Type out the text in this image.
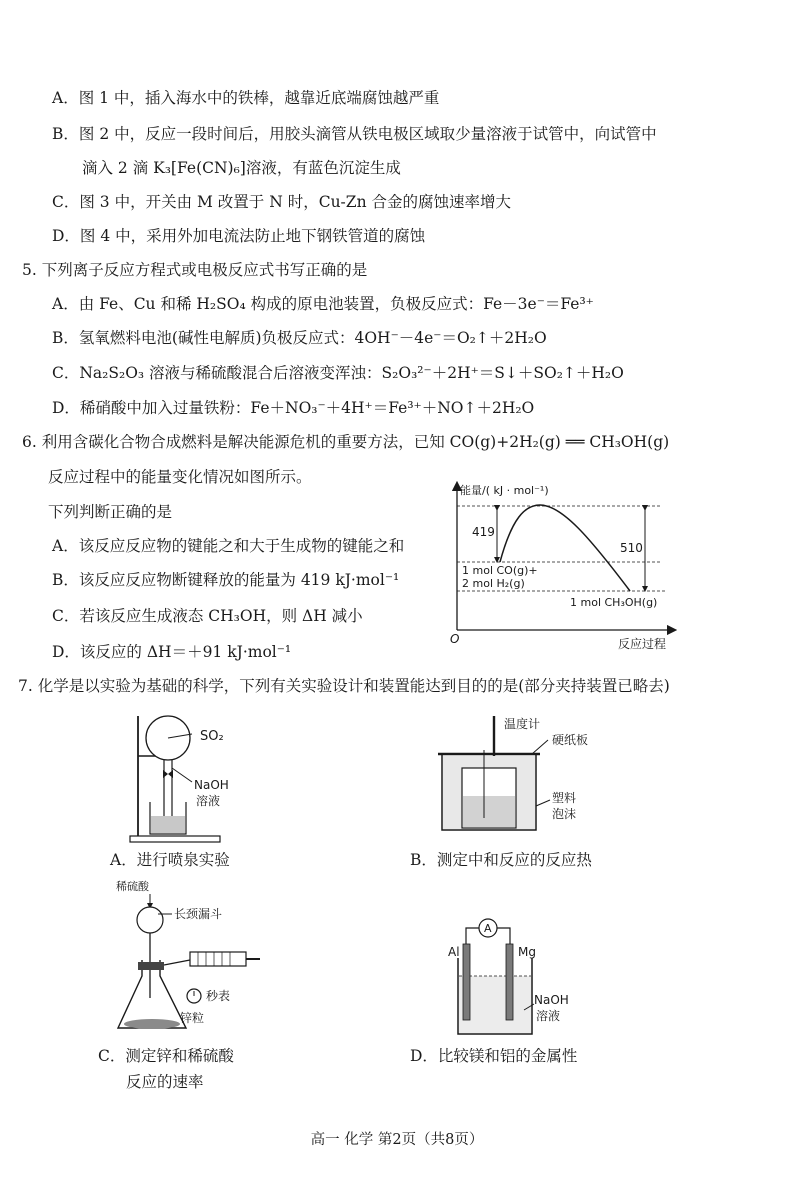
A．图 1 中，插入海水中的铁棒，越靠近底端腐蚀越严重
B．图 2 中，反应一段时间后，用胶头滴管从铁电极区域取少量溶液于试管中，向试管中
滴入 2 滴 K₃[Fe(CN)₆]溶液，有蓝色沉淀生成
C．图 3 中，开关由 M 改置于 N 时，Cu-Zn 合金的腐蚀速率增大
D．图 4 中，采用外加电流法防止地下钢铁管道的腐蚀
5. 下列离子反应方程式或电极反应式书写正确的是
A．由 Fe、Cu 和稀 H₂SO₄ 构成的原电池装置，负极反应式：Fe－3e⁻＝Fe³⁺
B．氢氧燃料电池(碱性电解质)负极反应式：4OH⁻－4e⁻＝O₂↑＋2H₂O
C．Na₂S₂O₃ 溶液与稀硫酸混合后溶液变浑浊：S₂O₃²⁻＋2H⁺＝S↓＋SO₂↑＋H₂O
D．稀硝酸中加入过量铁粉：Fe＋NO₃⁻＋4H⁺＝Fe³⁺＋NO↑＋2H₂O
6. 利用含碳化合物合成燃料是解决能源危机的重要方法，已知 CO(g)+2H₂(g) ══ CH₃OH(g)
反应过程中的能量变化情况如图所示。
下列判断正确的是
A．该反应反应物的键能之和大于生成物的键能之和
B．该反应反应物断键释放的能量为 419 kJ·mol⁻¹
C．若该反应生成液态 CH₃OH，则 ΔH 减小
D．该反应的 ΔH＝＋91 kJ·mol⁻¹
能量/( kJ · mol⁻¹)
反应过程
O
419
510
1 mol CO(g)+
2 mol H₂(g)
1 mol CH₃OH(g)
7. 化学是以实验为基础的科学，下列有关实验设计和装置能达到目的的是(部分夹持装置已略去)
SO₂
NaOH
溶液
A．进行喷泉实验
温度计
硬纸板
塑料
泡沫
B．测定中和反应的反应热
稀硫酸
长颈漏斗
秒表
锌粒
C．测定锌和稀硫酸
反应的速率
A
Al	Mg
NaOH
溶液
D．比较镁和铝的金属性
高一 化学 第2页（共8页）
